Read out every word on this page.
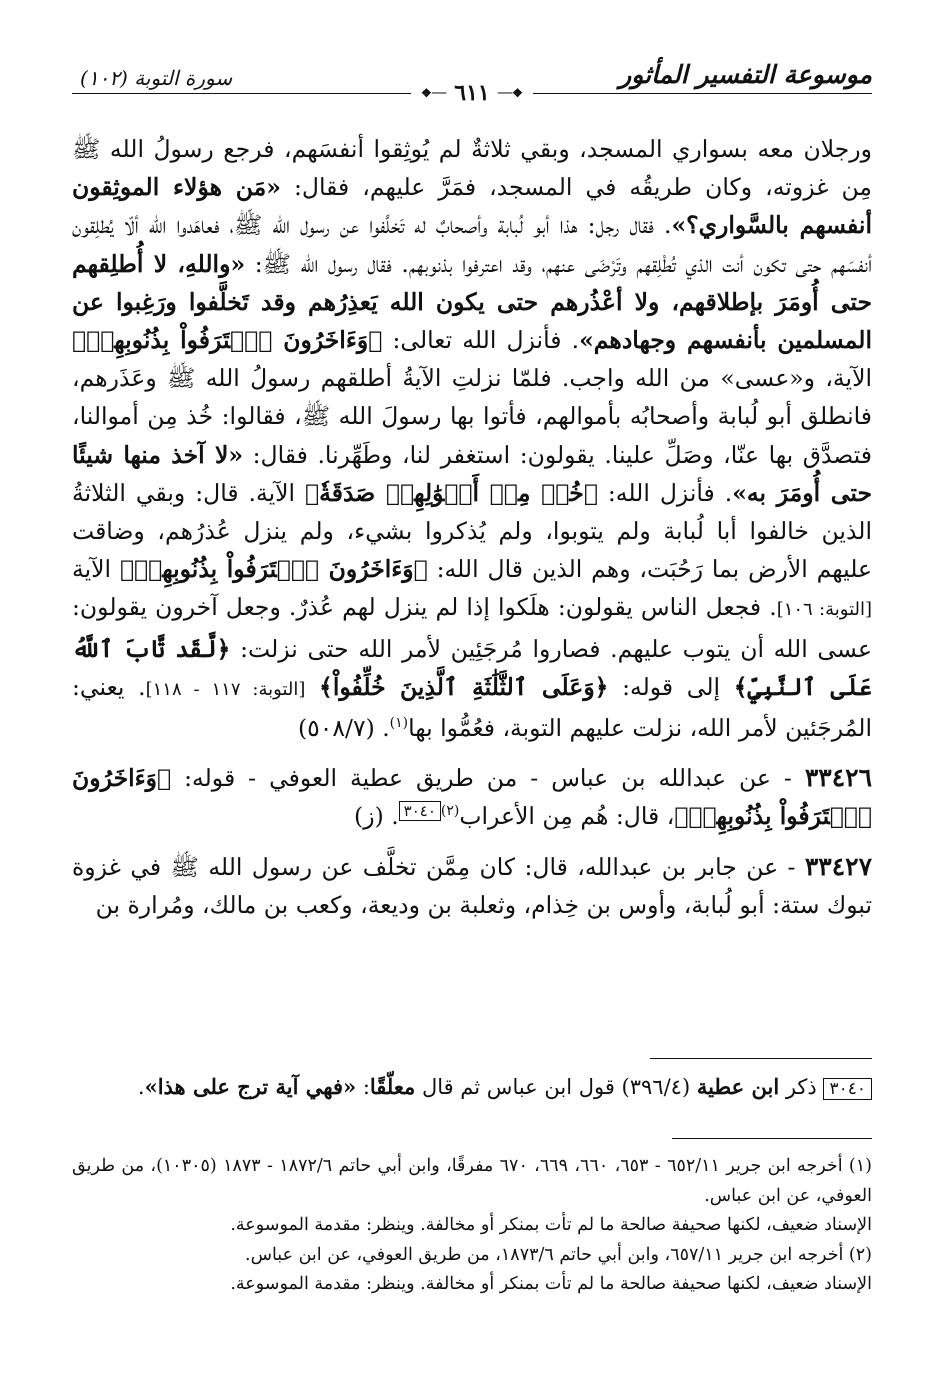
موسوعة التفسير المأثور
سورة التوبة (١٠٢)
❖── ٦١١ ──❖

ورجلان معه بسواري المسجد، وبقي ثلاثةٌ لم يُوثِقوا أنفسَهم، فرجع رسولُ الله ﷺ مِن غزوته، وكان طريقُه في المسجد، فمَرَّ عليهم، فقال: «مَن هؤلاء الموثِقون أنفسهم بالسَّواري؟». فقال رجل: هذا أبو لُبابة وأصحابٌ له تَخلَّفوا عن رسول الله ﷺ، فعاهَدوا الله ألّا يُطلِقون أنفسَهم حتى تكون أنت الذي تُطْلِقهم وتَرْضَى عنهم، وقد اعترفوا بذنوبهم. فقال رسول الله ﷺ: «واللهِ، لا أُطلِقهم حتى أُومَرَ بإطلاقهم، ولا أعْذُرهم حتى يكون الله يَعذِرُهم وقد تَخلَّفوا ورَغِبوا عن المسلمين بأنفسهم وجهادهم». فأنزل الله تعالى: ﴿وَءَاخَرُونَ ٱعۡتَرَفُواْ بِذُنُوبِهِمۡ﴾ الآية، و«عسى» من الله واجب. فلمّا نزلتِ الآيةُ أطلقهم رسولُ الله ﷺ وعَذَرهم، فانطلق أبو لُبابة وأصحابُه بأموالهم، فأتوا بها رسولَ الله ﷺ، فقالوا: خُذ مِن أموالنا، فتصدَّق بها عنّا، وصَلِّ علينا. يقولون: استغفر لنا، وطَهِّرنا. فقال: «لا آخذ منها شيئًا حتى أُومَرَ به». فأنزل الله: ﴿خُذۡ مِنۡ أَمۡوَٰلِهِمۡ صَدَقَةٗ﴾ الآية. قال: وبقي الثلاثةُ الذين خالفوا أبا لُبابة ولم يتوبوا، ولم يُذكروا بشيء، ولم ينزل عُذرُهم، وضاقت عليهم الأرض بما رَحُبَت، وهم الذين قال الله: ﴿وَءَاخَرُونَ ٱعۡتَرَفُواْ بِذُنُوبِهِمۡ﴾ الآية [التوبة: ١٠٦]. فجعل الناس يقولون: هلَكوا إذا لم ينزل لهم عُذرٌ. وجعل آخرون يقولون: عسى الله أن يتوب عليهم. فصاروا مُرجَئِين لأمر الله حتى نزلت: ﴿لَّقَد تَّابَ ٱللَّهُ عَلَى ٱلنَّبِيِّ﴾ إلى قوله: ﴿وَعَلَى ٱلثَّلَٰثَةِ ٱلَّذِينَ خُلِّفُواْ﴾ [التوبة: ١١٧ - ١١٨]. يعني: المُرجَئين لأمر الله، نزلت عليهم التوبة، فعُمُّوا بها$^{(١)}$. (٥٠٨/٧)

٣٣٤٢٦ - عن عبدالله بن عباس - من طريق عطية العوفي - قوله: ﴿وَءَاخَرُونَ ٱعۡتَرَفُواْ بِذُنُوبِهِمۡ﴾، قال: هُم مِن الأعراب$^{(٢)٣٠٤٠}$. (ز)

٣٣٤٢٧ - عن جابر بن عبدالله، قال: كان مِمَّن تخلَّف عن رسول الله ﷺ في غزوة تبوك ستة: أبو لُبابة، وأوس بن خِذام، وثعلبة بن وديعة، وكعب بن مالك، ومُرارة بن

٣٠٤٠ ذكر ابن عطية (٣٩٦/٤) قول ابن عباس ثم قال معلّقًا: «فهي آية ترج على هذا».

(١) أخرجه ابن جرير ٦٥٢/١١ - ٦٥٣، ٦٦٠، ٦٦٩، ٦٧٠ مفرقًا، وابن أبي حاتم ١٨٧٢/٦ - ١٨٧٣ (١٠٣٠٥)، من طريق العوفي، عن ابن عباس.

الإسناد ضعيف، لكنها صحيفة صالحة ما لم تأت بمنكر أو مخالفة. وينظر: مقدمة الموسوعة.

(٢) أخرجه ابن جرير ٦٥٧/١١، وابن أبي حاتم ١٨٧٣/٦، من طريق العوفي، عن ابن عباس.

الإسناد ضعيف، لكنها صحيفة صالحة ما لم تأت بمنكر أو مخالفة. وينظر: مقدمة الموسوعة.
